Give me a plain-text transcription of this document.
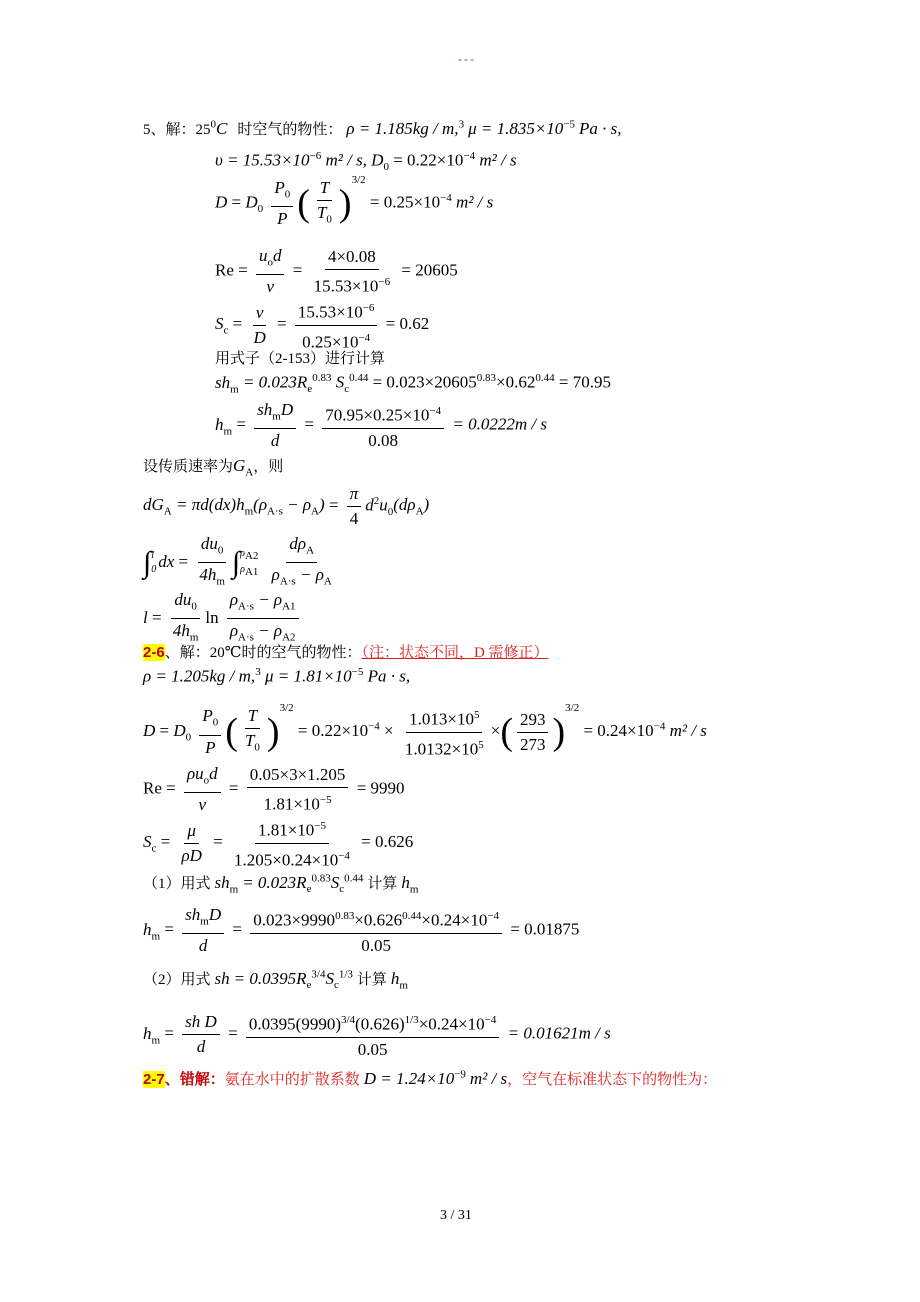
---
5、解：$25^0C$ 时空气的物性： ρ = 1.185kg / m,$^3$ $\mu = 1.835\times 10^{-5}$ Pa · s,
$\upsilon = 15.53\times 10^{-6}$ m² / s, $D_0 = 0.22\times 10^{-4}$ m² / s
$D = D_0 \frac{P_0}{P}$ ( $\frac{T}{T_0} )^{3/2} = 0.25\times 10^{-4}$ m² / s
$Re = \frac{u_od}{v} = \frac{4\times 0.08}{15.53\times 10^{-6}} = 20605$
$S_c = \frac{v}{D} = \frac{15.53\times 10^{-6}}{0.25\times 10^{-4}} = 0.62$
用式子（2-153）进行计算
$sh_m = 0.023R_e^{0.83}$ $S_c^{0.44} = 0.023\times 20605^{0.83}\times 0.62^{0.44} = 70.95$
$h_m = \frac{sh_mD}{d} = \frac{70.95\times 0.25\times 10^{-4}}{0.08} = 0.0222m / s$
设传质速率为$G_A$，则
$dG_A = \pi d(dx)h_m(\rho_{A\cdot s} - \rho_A) = \frac{\pi}{4} d^2u_0(d\rho_A)$
∫ l
0 dx = $\frac{du_0}{4h_m}$ ∫ $\rho_{A2}$
$\rho_{A1}$
$\frac{d\rho_A}{\rho_{A\cdot s} - \rho_A}$
$l = \frac{du_0}{4h_m}$ $\ln \frac{\rho_{A\cdot s} - \rho_{A1}}{\rho_{A\cdot s} - \rho_{A2}}$
2-6、解：20℃时的空气的物性：（注：状态不同，D 需修正）
ρ = 1.205kg / m,$^3$ $\mu = 1.81\times 10^{-5}$ Pa · s,
$D = D_0 \frac{P_0}{P}$ ( $\frac{T}{T_0} )^{3/2} = 0.22\times 10^{-4} \times \frac{1.013\times 10^5}{1.0132\times 10^5}$ ×( $\frac{293}{273} )^{3/2} = 0.24\times 10^{-4}$ m² / s
$Re = \frac{\rho u_od}{v} = \frac{0.05\times 3\times 1.205}{1.81\times 10^{-5}} = 9990$
$S_c = \frac{\mu}{\rho D} = \frac{1.81\times 10^{-5}}{1.205\times 0.24\times 10^{-4}} = 0.626$
（1）用式 $sh_m = 0.023R_e^{0.83}S_c^{0.44}$ 计算 $h_m$
$h_m = \frac{sh_mD}{d} = \frac{0.023\times 9990^{0.83}\times 0.626^{0.44}\times 0.24\times 10^{-4}}{0.05} = 0.01875$
（2）用式 sh = $0.0395R_e^{3/4}S_c^{1/3}$ 计算 $h_m$
$h_m = \frac{\text{sh D}}{d} = \frac{0.0395(9990)^{3/4}(0.626)^{1/3}\times 0.24\times 10^{-4}}{0.05} = 0.01621m / s$
2-7、错解：氨在水中的扩散系数 $D = 1.24\times 10^{-9}$ m² / s，空气在标准状态下的物性为：
3 / 31
